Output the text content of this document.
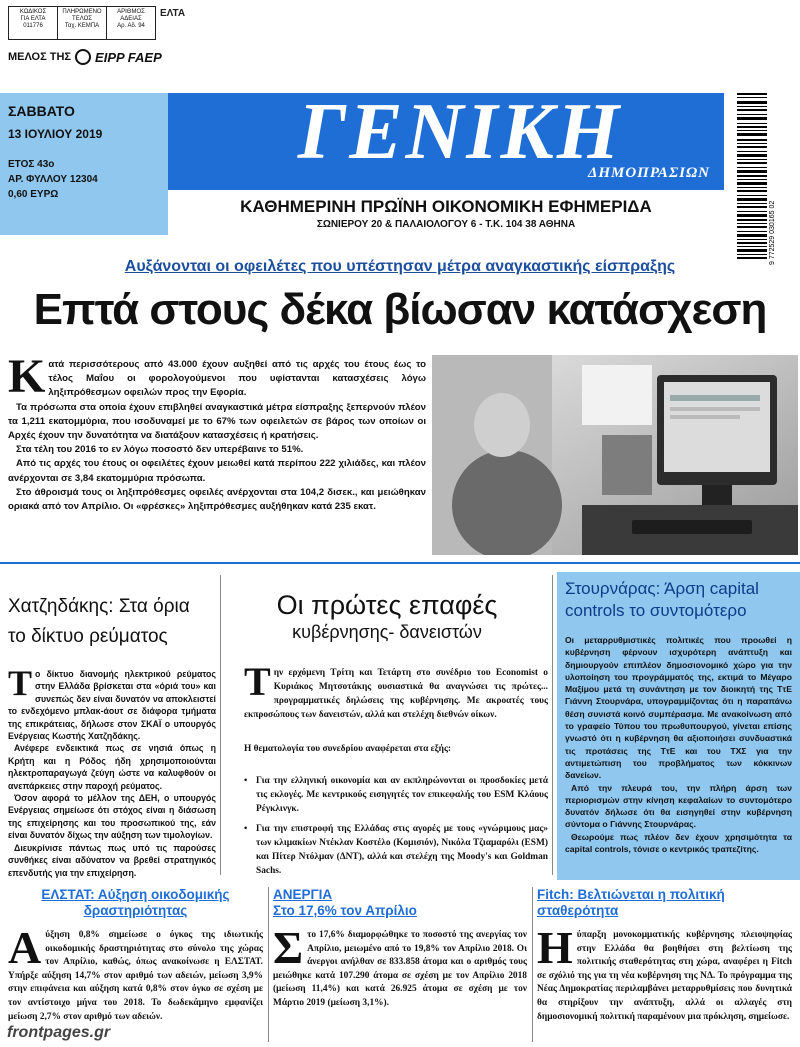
ΚΩΔΙΚΟΣ
ΓΙΑ ΕΛΤΑ
011776
ΠΛΗΡΩΜΕΝΟ
ΤΕΛΟΣ
Ταχ. ΚΕΜΠΑ
ΑΡΙΘΜΟΣ
ΑΔΕΙΑΣ
Αρ. Αδ. 94
ΕΛΤΑ
ΜΕΛΟΣ ΤΗΣ EIPP FAEP
ΣΑΒΒΑΤΟ
13 ΙΟΥΛΙΟΥ 2019
ΕΤΟΣ 43ο
ΑΡ. ΦΥΛΛΟΥ 12304
0,60 ΕΥΡΩ
ΓΕΝΙΚΗ
ΔΗΜΟΠΡΑΣΙΩΝ
ΚΑΘΗΜΕΡΙΝΗ ΠΡΩΪΝΗ ΟΙΚΟΝΟΜΙΚΗ ΕΦΗΜΕΡΙΔΑ
ΣΩΝΙΕΡΟΥ 20 & ΠΑΛΑΙΟΛΟΓΟΥ 6 - Τ.Κ. 104 38 ΑΘΗΝΑ	9 772529 030165 02
Αυξάνονται οι οφειλέτες που υπέστησαν μέτρα αναγκαστικής είσπραξης
Επτά στους δέκα βίωσαν κατάσχεση
Κ ατά περισσότερους από 43.000 έχουν αυξηθεί από τις αρχές του έτους έως το τέλος Μαΐου οι φορολογούμενοι που υφίστανται κατασχέσεις λόγω ληξιπρόθεσμων οφειλών προς την Εφορία.

Τα πρόσωπα στα οποία έχουν επιβληθεί αναγκαστικά μέτρα είσπραξης ξεπερνούν πλέον τα 1,211 εκατομμύρια, που ισοδυναμεί με το 67% των οφειλετών σε βάρος των οποίων οι Αρχές έχουν την δυνατότητα να διατάξουν κατασχέσεις ή κρατήσεις.

Στα τέλη του 2016 το εν λόγω ποσοστό δεν υπερέβαινε το 51%.

Από τις αρχές του έτους οι οφειλέτες έχουν μειωθεί κατά περίπου 222 χιλιάδες, και πλέον ανέρχονται σε 3,84 εκατομμύρια πρόσωπα.

Στο άθροισμά τους οι ληξιπρόθεσμες οφειλές ανέρχονται στα 104,2 δισεκ., και μειώθηκαν οριακά από τον Απρίλιο. Οι «φρέσκες» ληξιπρόθεσμες αυξήθηκαν κατά 235 εκατ.

Χατζηδάκης: Στα όρια
το δίκτυο ρεύματος
Τ ο δίκτυο διανομής ηλεκτρικού ρεύματος στην Ελλάδα βρίσκεται στα «όριά του» και συνεπώς δεν είναι δυνατόν να αποκλειστεί το ενδεχόμενο μπλακ-άουτ σε διάφορα τμήματα της επικράτειας, δήλωσε στον ΣΚΑΪ ο υπουργός Ενέργειας Κωστής Χατζηδάκης.

Ανέφερε ενδεικτικά πως σε νησιά όπως η Κρήτη και η Ρόδος ήδη χρησιμοποιούνται ηλεκτροπαραγωγά ζεύγη ώστε να καλυφθούν οι ανεπάρκειες στην παροχή ρεύματος.

Όσον αφορά το μέλλον της ΔΕΗ, ο υπουργός Ενέργειας σημείωσε ότι στόχος είναι η διάσωση της επιχείρησης και του προσωπικού της, εάν είναι δυνατόν δίχως την αύξηση των τιμολογίων.

Διευκρίνισε πάντως πως υπό τις παρούσες συνθήκες είναι αδύνατον να βρεθεί στρατηγικός επενδυτής για την επιχείρηση.

Οι πρώτες επαφές
κυβέρνησης- δανειστών
Τ ην ερχόμενη Τρίτη και Τετάρτη στο συνέδριο του Economist ο Κυριάκος Μητσοτάκης ουσιαστικά θα αναγνώσει τις πρώτες... προγραμματικές δηλώσεις της κυβέρνησης. Με ακροατές τους εκπροσώπους των δανειστών, αλλά και στελέχη διεθνών οίκων.

Η θεματολογία του συνεδρίου αναφέρεται στα εξής:

• Για την ελληνική οικονομία και αν εκπληρώνονται οι προσδοκίες μετά τις εκλογές. Με κεντρικούς εισηγητές τον επικεφαλής του ESM Κλάους Ρέγκλινγκ.
• Για την επιστροφή της Ελλάδας στις αγορές με τους «γνώριμους μας» των κλιμακίων Ντέκλαν Κοστέλο (Κομισιόν), Νικόλα Τζιαμαρόλι (ESM) και Πίτερ Ντόλμαν (ΔΝΤ), αλλά και στελέχη της Moody's και Goldman Sachs.
Στουρνάρας: Άρση capital
controls το συντομότερο

Οι μεταρρυθμιστικές πολιτικές που προωθεί η κυβέρνηση φέρνουν ισχυρότερη ανάπτυξη και δημιουργούν επιπλέον δημοσιονομικό χώρο για την υλοποίηση του προγράμματός της, εκτιμά το Μέγαρο Μαξίμου μετά τη συνάντηση με τον διοικητή της ΤτΕ Γιάννη Στουρνάρα, υπογραμμίζοντας ότι η παραπάνω θέση συνιστά κοινό συμπέρασμα. Με ανακοίνωση από το γραφείο Τύπου του πρωθυπουργού, γίνεται επίσης γνωστό ότι η κυβέρνηση θα αξιοποιήσει συνδυαστικά τις προτάσεις της ΤτΕ και του ΤΧΣ για την αντιμετώπιση του προβλήματος των κόκκινων δανείων.

Από την πλευρά του, την πλήρη άρση των περιορισμών στην κίνηση κεφαλαίων το συντομότερο δυνατόν δήλωσε ότι θα εισηγηθεί στην κυβέρνηση σύντομα ο Γιάννης Στουρνάρας.

Θεωρούμε πως πλέον δεν έχουν χρησιμότητα τα capital controls, τόνισε ο κεντρικός τραπεζίτης.

ΕΛΣΤΑΤ: Αύξηση οικοδομικής
δραστηριότητας
Α ύξηση 0,8% σημείωσε ο όγκος της ιδιωτικής οικοδομικής δραστηριότητας στο σύνολο της χώρας τον Απρίλιο, καθώς, όπως ανακοίνωσε η ΕΛΣΤΑΤ. Υπήρξε αύξηση 14,7% στον αριθμό των αδειών, μείωση 3,9% στην επιφάνεια και αύξηση κατά 0,8% στον όγκο σε σχέση με τον αντίστοιχο μήνα του 2018. Το δωδεκάμηνο εμφανίζει μείωση 2,7% στον αριθμό των αδειών.
ΑΝΕΡΓΙΑ
Στο 17,6% τον Απρίλιο
Σ το 17,6% διαμορφώθηκε το ποσοστό της ανεργίας τον Απρίλιο, μειωμένο από το 19,8% τον Απρίλιο 2018. Οι άνεργοι ανήλθαν σε 833.858 άτομα και ο αριθμός τους μειώθηκε κατά 107.290 άτομα σε σχέση με τον Απρίλιο 2018 (μείωση 11,4%) και κατά 26.925 άτομα σε σχέση με τον Μάρτιο 2019 (μείωση 3,1%).
Fitch: Βελτιώνεται η πολιτική
σταθερότητα
Η ύπαρξη μονοκομματικής κυβέρνησης πλειοψηφίας στην Ελλάδα θα βοηθήσει στη βελτίωση της πολιτικής σταθερότητας στη χώρα, αναφέρει η Fitch σε σχόλιό της για τη νέα κυβέρνηση της ΝΔ. Το πρόγραμμα της Νέας Δημοκρατίας περιλαμβάνει μεταρρυθμίσεις που δυνητικά θα στηρίξουν την ανάπτυξη, αλλά οι αλλαγές στη δημοσιονομική πολιτική παραμένουν μια πρόκληση, σημείωσε.
frontpages.gr
